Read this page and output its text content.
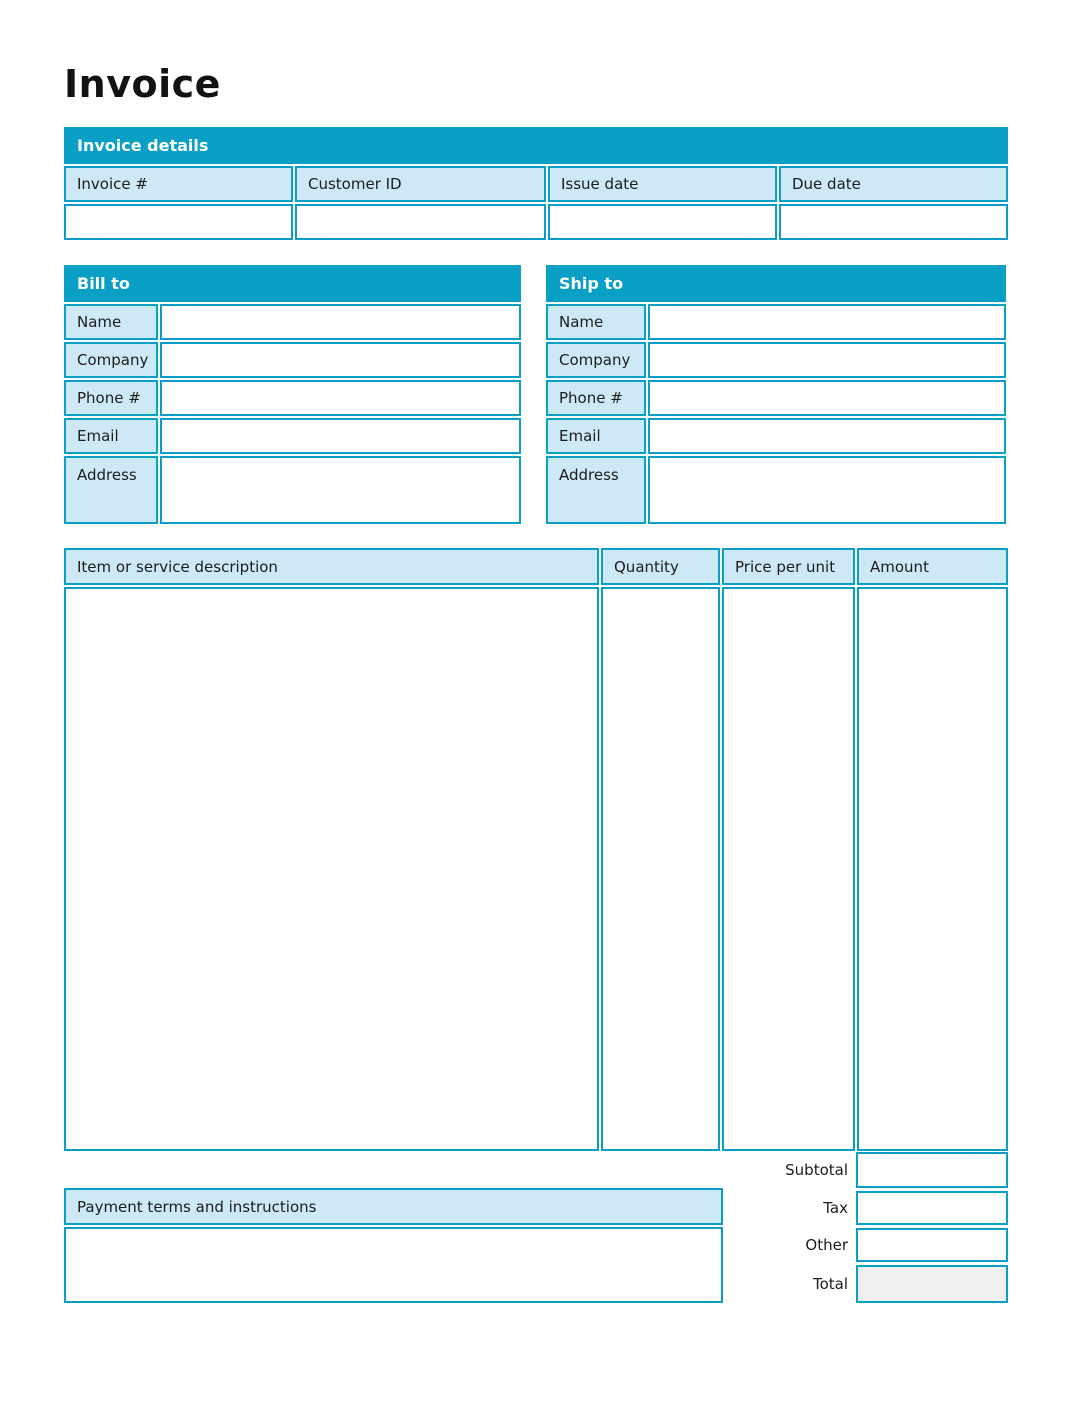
Invoice
Invoice details
Invoice #	Customer ID	Issue date	Due date
Bill to
Name
Company
Phone #
Email
Address
Ship to
Name
Company
Phone #
Email
Address
Item or service description	Quantity	Price per unit	Amount
Subtotal
Tax
Other
Total
Payment terms and instructions
